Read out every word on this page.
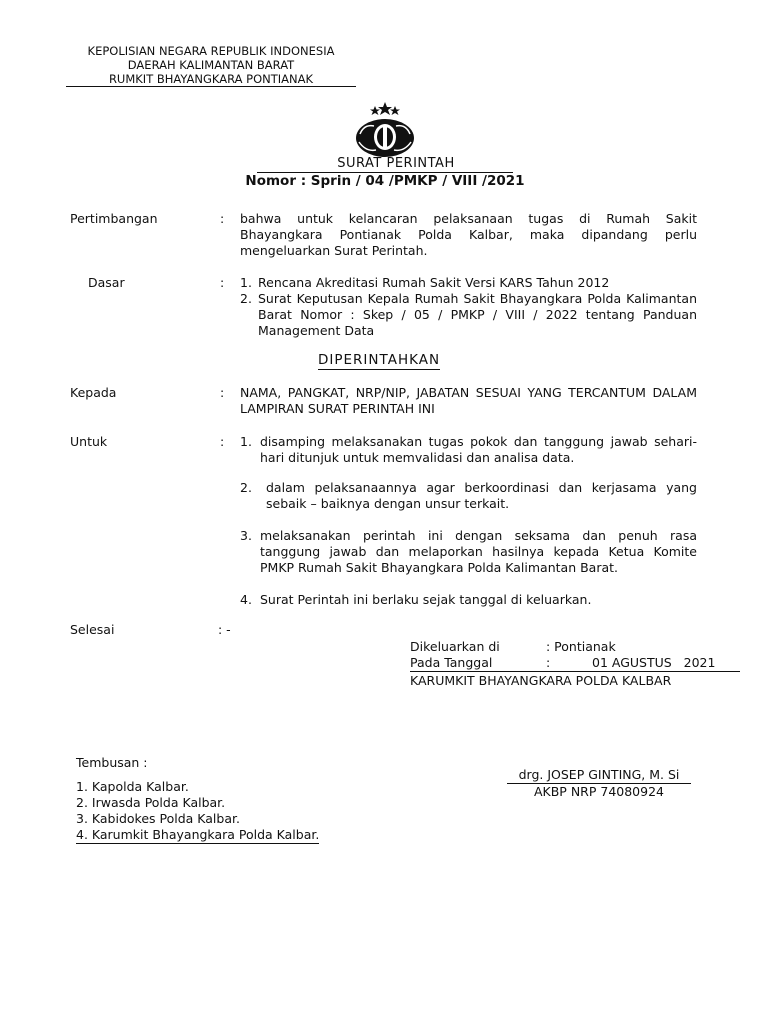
KEPOLISIAN NEGARA REPUBLIK INDONESIA
DAERAH KALIMANTAN BARAT
RUMKIT BHAYANGKARA PONTIANAK
SURAT PERINTAH
Nomor : Sprin / 04 /PMKP / VIII /2021
Pertimbangan	: bahwa untuk kelancaran pelaksanaan tugas di Rumah Sakit Bhayangkara Pontianak Polda Kalbar, maka dipandang perlu mengeluarkan Surat Perintah.

Dasar	: 1. Rencana Akreditasi Rumah Sakit Versi KARS Tahun 2012
2. Surat Keputusan Kepala Rumah Sakit Bhayangkara Polda Kalimantan Barat Nomor : Skep / 05 / PMKP / VIII / 2022 tentang Panduan Management Data
DIPERINTAHKAN
Kepada	: NAMA, PANGKAT, NRP/NIP, JABATAN SESUAI YANG TERCANTUM DALAM LAMPIRAN SURAT PERINTAH INI

Untuk	: 1. disamping melaksanakan tugas pokok dan tanggung jawab sehari-hari ditunjuk untuk memvalidasi dan analisa data.
2. dalam pelaksanaannya agar berkoordinasi dan kerjasama yang sebaik – baiknya dengan unsur terkait.
3. melaksanakan perintah ini dengan seksama dan penuh rasa tanggung jawab dan melaporkan hasilnya kepada Ketua Komite PMKP Rumah Sakit Bhayangkara Polda Kalimantan Barat.
4. Surat Perintah ini berlaku sejak tanggal di keluarkan.
Selesai	: -
Dikeluarkan di	: Pontianak
Pada Tanggal	:	01 AGUSTUS   2021
KARUMKIT BHAYANGKARA POLDA KALBAR
Tembusan :
1. Kapolda Kalbar.
2. Irwasda Polda Kalbar.
3. Kabidokes Polda Kalbar.
4. Karumkit Bhayangkara Polda Kalbar.
drg. JOSEP GINTING, M. Si
AKBP NRP 74080924
